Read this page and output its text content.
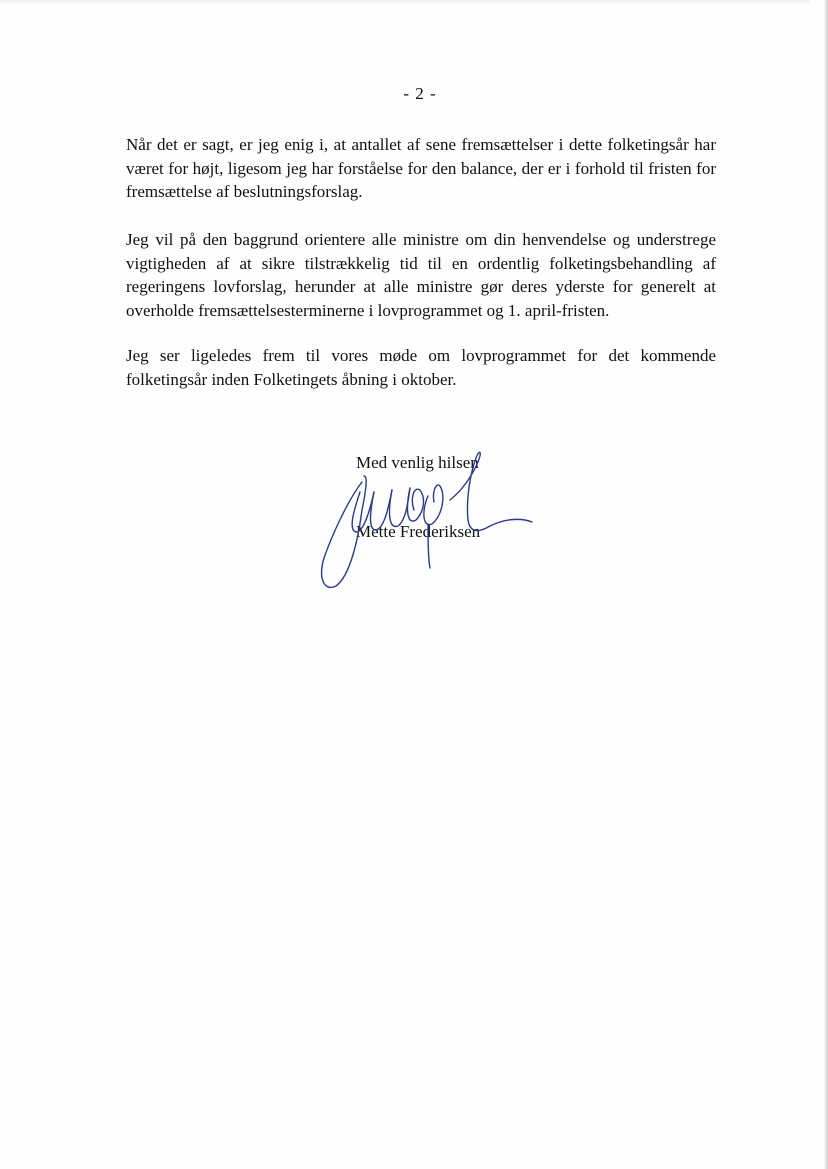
- 2 -

Når det er sagt, er jeg enig i, at antallet af sene fremsættelser i dette folketingsår har været for højt, ligesom jeg har forståelse for den balance, der er i forhold til fristen for fremsættelse af beslutningsforslag.

Jeg vil på den baggrund orientere alle ministre om din henvendelse og understrege vigtigheden af at sikre tilstrækkelig tid til en ordentlig folketingsbehandling af regeringens lovforslag, herunder at alle ministre gør deres yderste for generelt at overholde fremsættelsesterminerne i lovprogrammet og 1. april-fristen.

Jeg ser ligeledes frem til vores møde om lovprogrammet for det kommende folketingsår inden Folketingets åbning i oktober.

Med venlig hilsen
Mette Frederiksen
